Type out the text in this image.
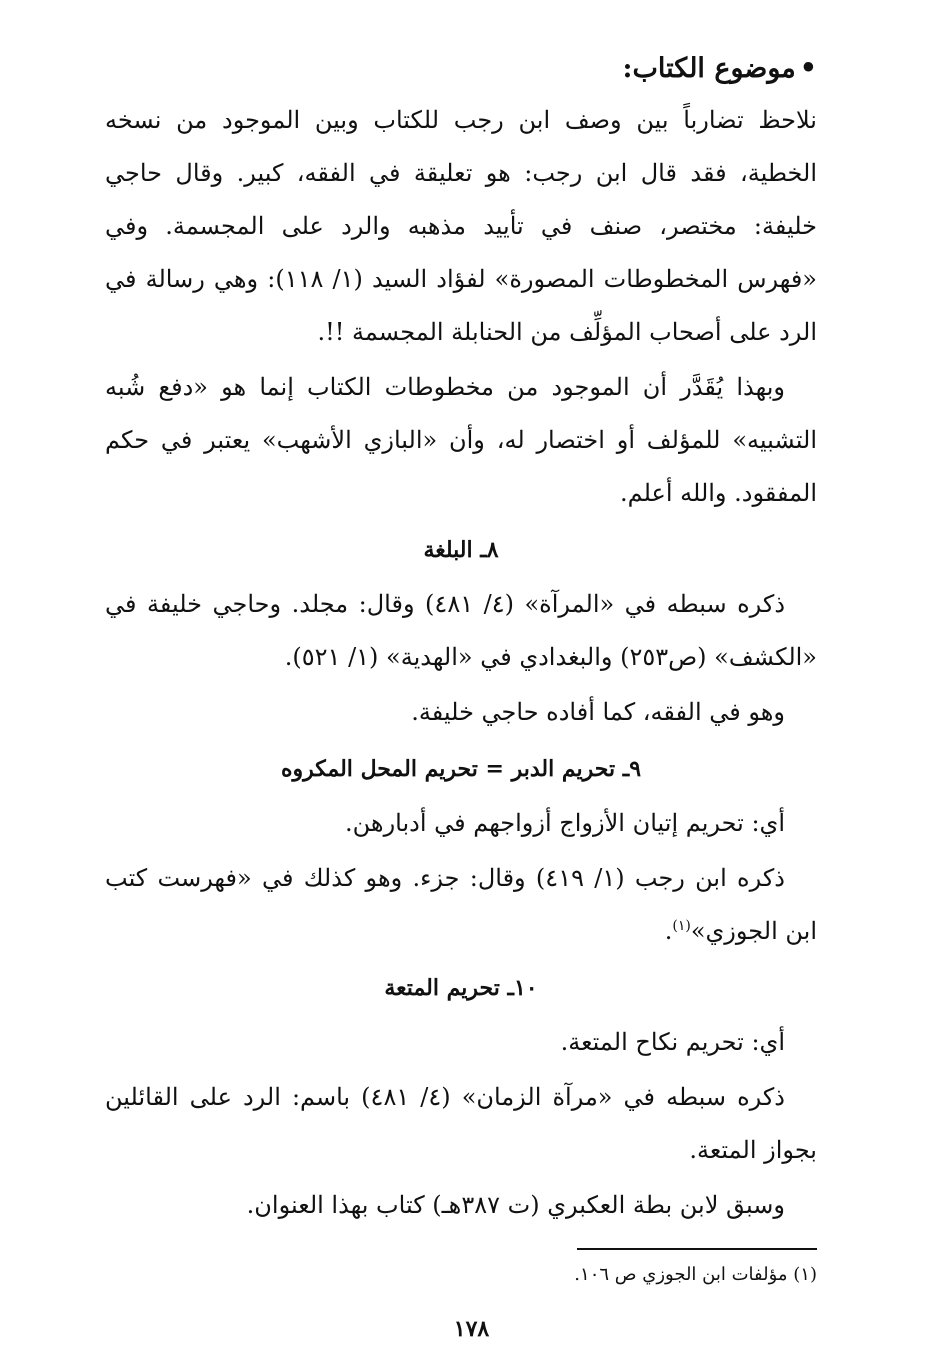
•موضوع الكتاب:

نلاحظ تضارباً بين وصف ابن رجب للكتاب وبين الموجود من نسخه الخطية، فقد قال ابن رجب: هو تعليقة في الفقه، كبير. وقال حاجي خليفة: مختصر، صنف في تأييد مذهبه والرد على المجسمة. وفي «فهرس المخطوطات المصورة» لفؤاد السيد (١/ ١١٨): وهي رسالة في الرد على أصحاب المؤلِّف من الحنابلة المجسمة !!.

وبهذا يُقَدَّر أن الموجود من مخطوطات الكتاب إنما هو «دفع شُبه التشبيه» للمؤلف أو اختصار له، وأن «البازي الأشهب» يعتبر في حكم المفقود. والله أعلم.

٨ـ البلغة

ذكره سبطه في «المرآة» (٤/ ٤٨١) وقال: مجلد. وحاجي خليفة في «الكشف» (ص٢٥٣) والبغدادي في «الهدية» (١/ ٥٢١).

وهو في الفقه، كما أفاده حاجي خليفة.

٩ـ تحريم الدبر = تحريم المحل المكروه

أي: تحريم إتيان الأزواج أزواجهم في أدبارهن.

ذكره ابن رجب (١/ ٤١٩) وقال: جزء. وهو كذلك في «فهرست كتب ابن الجوزي»$^{(١)}$.

١٠ـ تحريم المتعة

أي: تحريم نكاح المتعة.

ذكره سبطه في «مرآة الزمان» (٤/ ٤٨١) باسم: الرد على القائلين بجواز المتعة.

وسبق لابن بطة العكبري (ت ٣٨٧هـ) كتاب بهذا العنوان.

(١) مؤلفات ابن الجوزي ص ١٠٦.
١٧٨
